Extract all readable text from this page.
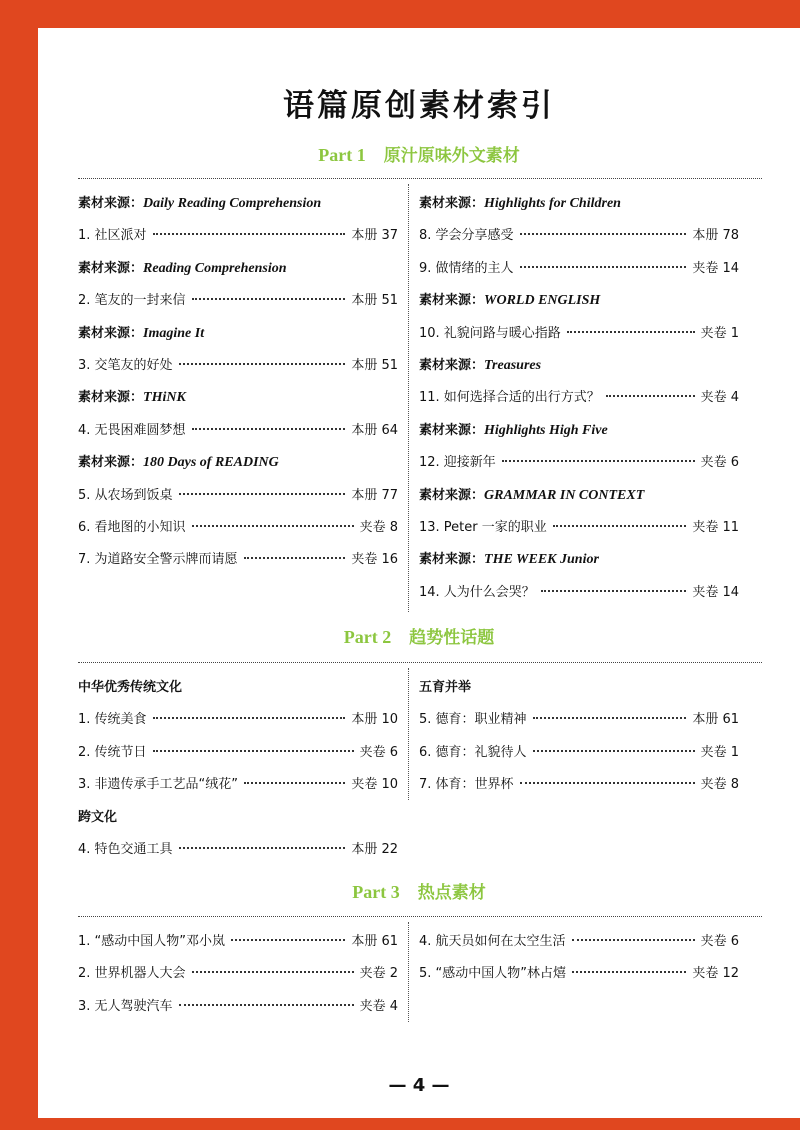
语篇原创素材索引
Part 1 原汁原味外文素材
素材来源：Daily Reading Comprehension
1. 社区派对	本册 37
素材来源：Reading Comprehension
2. 笔友的一封来信	本册 51
素材来源：Imagine It
3. 交笔友的好处	本册 51
素材来源：THiNK
4. 无畏困难圆梦想	本册 64
素材来源：180 Days of READING
5. 从农场到饭桌	本册 77
6. 看地图的小知识	夹卷 8
7. 为道路安全警示牌而请愿	夹卷 16
素材来源：Highlights for Children
8. 学会分享感受	本册 78
9. 做情绪的主人	夹卷 14
素材来源：WORLD ENGLISH
10. 礼貌问路与暖心指路	夹卷 1
素材来源：Treasures
11. 如何选择合适的出行方式？	夹卷 4
素材来源：Highlights High Five
12. 迎接新年	夹卷 6
素材来源：GRAMMAR IN CONTEXT
13. Peter 一家的职业	夹卷 11
素材来源：THE WEEK Junior
14. 人为什么会哭？	夹卷 14
Part 2 趋势性话题
中华优秀传统文化
1. 传统美食	本册 10
2. 传统节日	夹卷 6
3. 非遗传承手工艺品“绒花”	夹卷 10
跨文化
4. 特色交通工具	本册 22
五育并举
5. 德育：职业精神	本册 61
6. 德育：礼貌待人	夹卷 1
7. 体育：世界杯	夹卷 8
Part 3 热点素材
1. “感动中国人物”邓小岚	本册 61
2. 世界机器人大会	夹卷 2
3. 无人驾驶汽车	夹卷 4
4. 航天员如何在太空生活	夹卷 6
5. “感动中国人物”林占熺	夹卷 12
— 4 —
